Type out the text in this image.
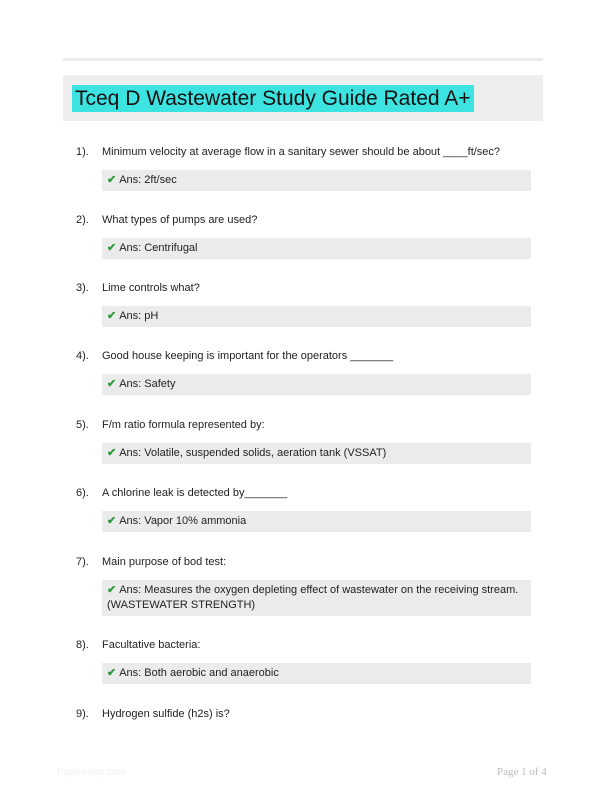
Tceq D Wastewater Study Guide Rated A+
1). Minimum velocity at average flow in a sanitary sewer should be about ____ft/sec?
✔ Ans: 2ft/sec
2). What types of pumps are used?
✔ Ans: Centrifugal
3). Lime controls what?
✔ Ans: pH
4). Good house keeping is important for the operators _______
✔ Ans: Safety
5). F/m ratio formula represented by:
✔ Ans: Volatile, suspended solids, aeration tank (VSSAT)
6). A chlorine leak is detected by_______
✔ Ans: Vapor 10% ammonia
7). Main purpose of bod test:
✔ Ans: Measures the oxygen depleting effect of wastewater on the receiving stream. (WASTEWATER STRENGTH)
8). Facultative bacteria:
✔ Ans: Both aerobic and anaerobic
9). Hydrogen sulfide (h2s) is?
PaperHelp.com	Page 1 of 4
